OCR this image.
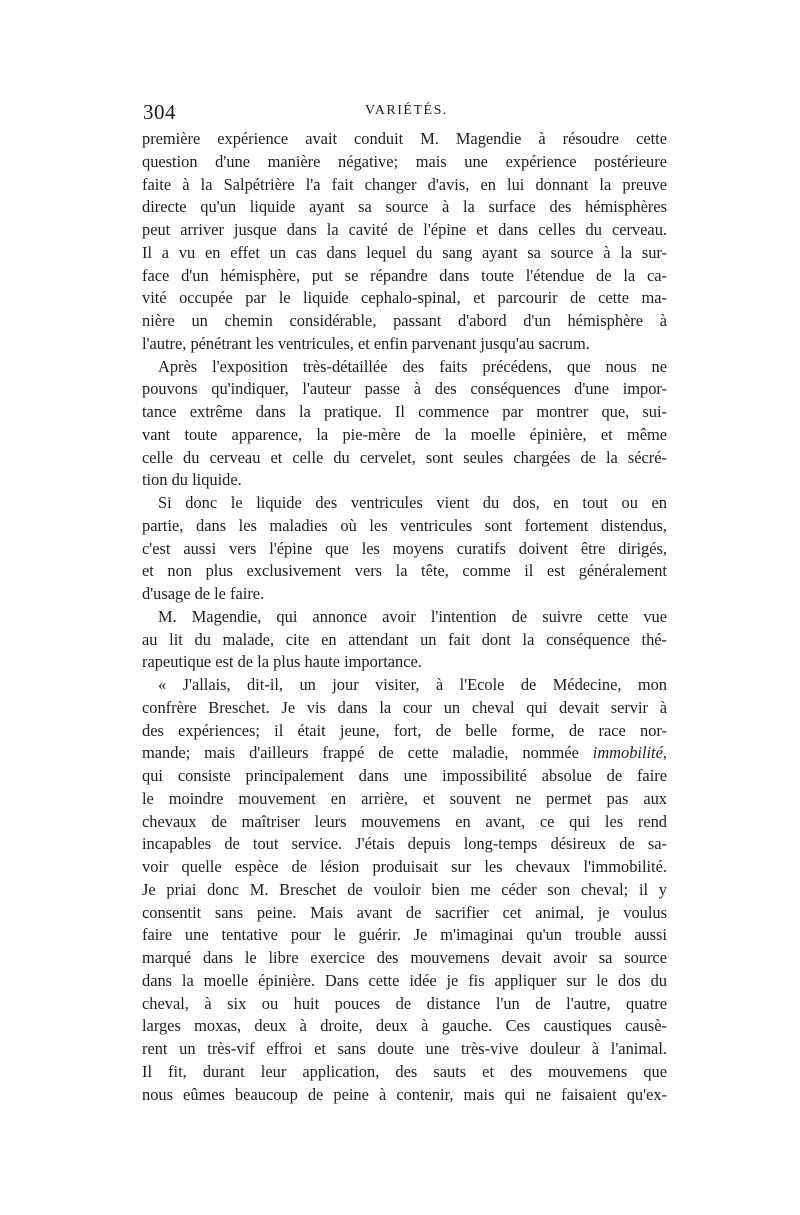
304	VARIÉTÉS.
première expérience avait conduit M. Magendie à résoudre cette
question d'une manière négative; mais une expérience postérieure
faite à la Salpétrière l'a fait changer d'avis, en lui donnant la preuve
directe qu'un liquide ayant sa source à la surface des hémisphères
peut arriver jusque dans la cavité de l'épine et dans celles du cerveau.
Il a vu en effet un cas dans lequel du sang ayant sa source à la sur-
face d'un hémisphère, put se répandre dans toute l'étendue de la ca-
vité occupée par le liquide cephalo-spinal, et parcourir de cette ma-
nière un chemin considérable, passant d'abord d'un hémisphère à
l'autre, pénétrant les ventricules, et enfin parvenant jusqu'au sacrum.
Après l'exposition très-détaillée des faits précédens, que nous ne
pouvons qu'indiquer, l'auteur passe à des conséquences d'une impor-
tance extrême dans la pratique. Il commence par montrer que, sui-
vant toute apparence, la pie-mère de la moelle épinière, et même
celle du cerveau et celle du cervelet, sont seules chargées de la sécré-
tion du liquide.
Si donc le liquide des ventricules vient du dos, en tout ou en
partie, dans les maladies où les ventricules sont fortement distendus,
c'est aussi vers l'épine que les moyens curatifs doivent être dirigés,
et non plus exclusivement vers la tête, comme il est généralement
d'usage de le faire.
M. Magendie, qui annonce avoir l'intention de suivre cette vue
au lit du malade, cite en attendant un fait dont la conséquence thé-
rapeutique est de la plus haute importance.
« J'allais, dit-il, un jour visiter, à l'Ecole de Médecine, mon
confrère Breschet. Je vis dans la cour un cheval qui devait servir à
des expériences; il était jeune, fort, de belle forme, de race nor-
mande; mais d'ailleurs frappé de cette maladie, nommée immobilité,
qui consiste principalement dans une impossibilité absolue de faire
le moindre mouvement en arrière, et souvent ne permet pas aux
chevaux de maîtriser leurs mouvemens en avant, ce qui les rend
incapables de tout service. J'étais depuis long-temps désireux de sa-
voir quelle espèce de lésion produisait sur les chevaux l'immobilité.
Je priai donc M. Breschet de vouloir bien me céder son cheval; il y
consentit sans peine. Mais avant de sacrifier cet animal, je voulus
faire une tentative pour le guérir. Je m'imaginai qu'un trouble aussi
marqué dans le libre exercice des mouvemens devait avoir sa source
dans la moelle épinière. Dans cette idée je fis appliquer sur le dos du
cheval, à six ou huit pouces de distance l'un de l'autre, quatre
larges moxas, deux à droite, deux à gauche. Ces caustiques causè-
rent un très-vif effroi et sans doute une très-vive douleur à l'animal.
Il fit, durant leur application, des sauts et des mouvemens que
nous eûmes beaucoup de peine à contenir, mais qui ne faisaient qu'ex-
